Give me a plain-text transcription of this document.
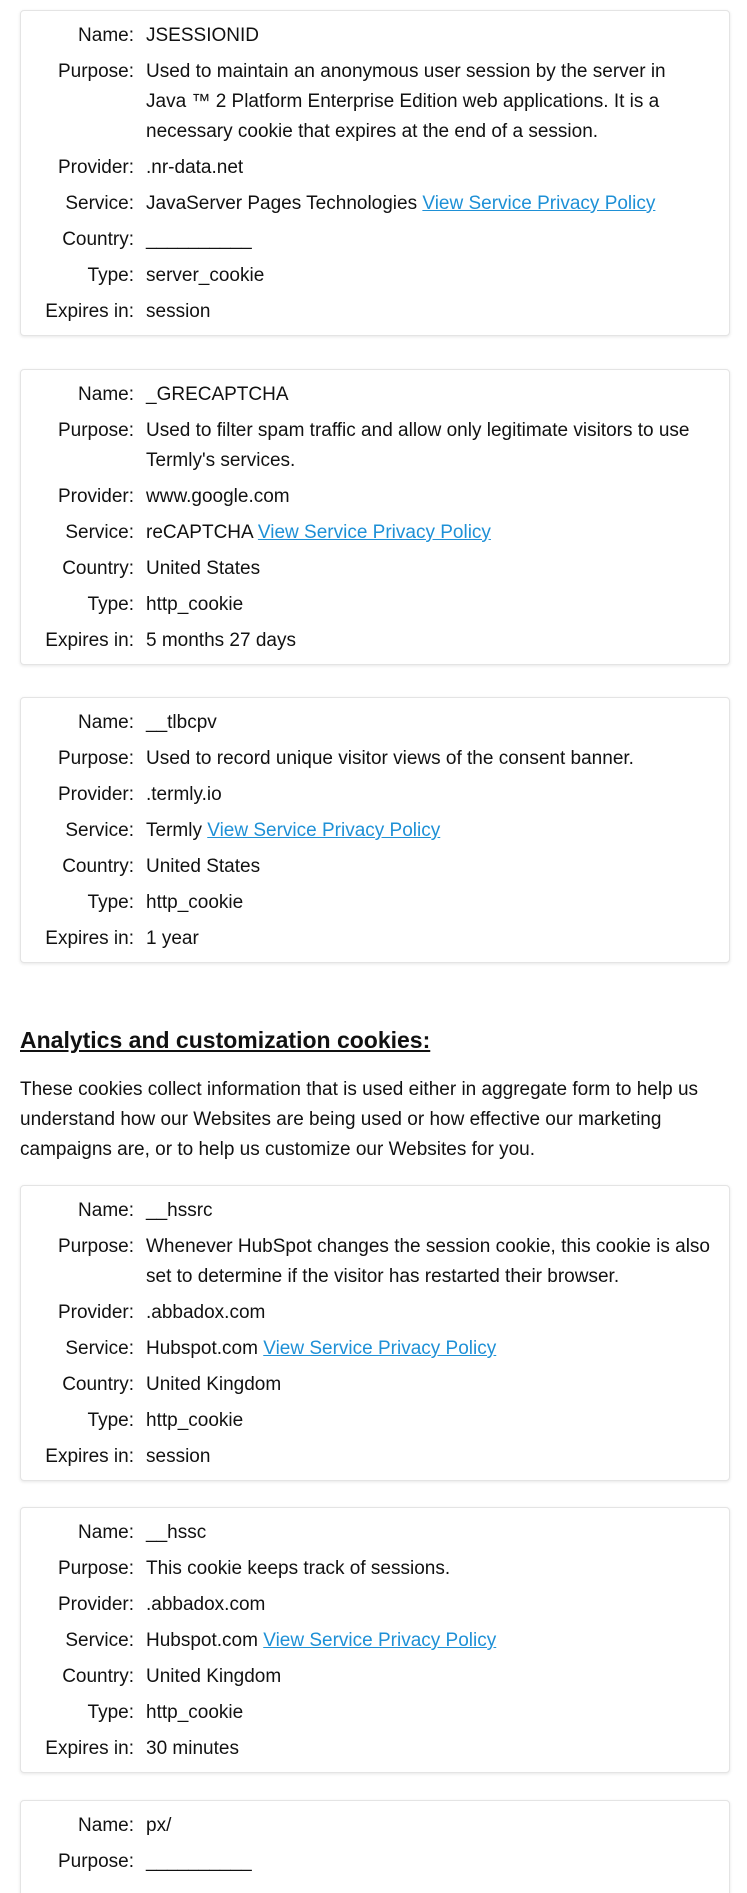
Name: JSESSIONID
Purpose: Used to maintain an anonymous user session by the server in Java ™ 2 Platform Enterprise Edition web applications. It is a necessary cookie that expires at the end of a session.
Provider: .nr-data.net
Service: JavaServer Pages Technologies View Service Privacy Policy
Country: __________
Type: server_cookie
Expires in: session
Name: _GRECAPTCHA
Purpose: Used to filter spam traffic and allow only legitimate visitors to use Termly's services.
Provider: www.google.com
Service: reCAPTCHA View Service Privacy Policy
Country: United States
Type: http_cookie
Expires in: 5 months 27 days
Name: __tlbcpv
Purpose: Used to record unique visitor views of the consent banner.
Provider: .termly.io
Service: Termly View Service Privacy Policy
Country: United States
Type: http_cookie
Expires in: 1 year
Analytics and customization cookies:

These cookies collect information that is used either in aggregate form to help us understand how our Websites are being used or how effective our marketing campaigns are, or to help us customize our Websites for you.

Name: __hssrc
Purpose: Whenever HubSpot changes the session cookie, this cookie is also set to determine if the visitor has restarted their browser.
Provider: .abbadox.com
Service: Hubspot.com View Service Privacy Policy
Country: United Kingdom
Type: http_cookie
Expires in: session
Name: __hssc
Purpose: This cookie keeps track of sessions.
Provider: .abbadox.com
Service: Hubspot.com View Service Privacy Policy
Country: United Kingdom
Type: http_cookie
Expires in: 30 minutes
Name: px/
Purpose: __________
